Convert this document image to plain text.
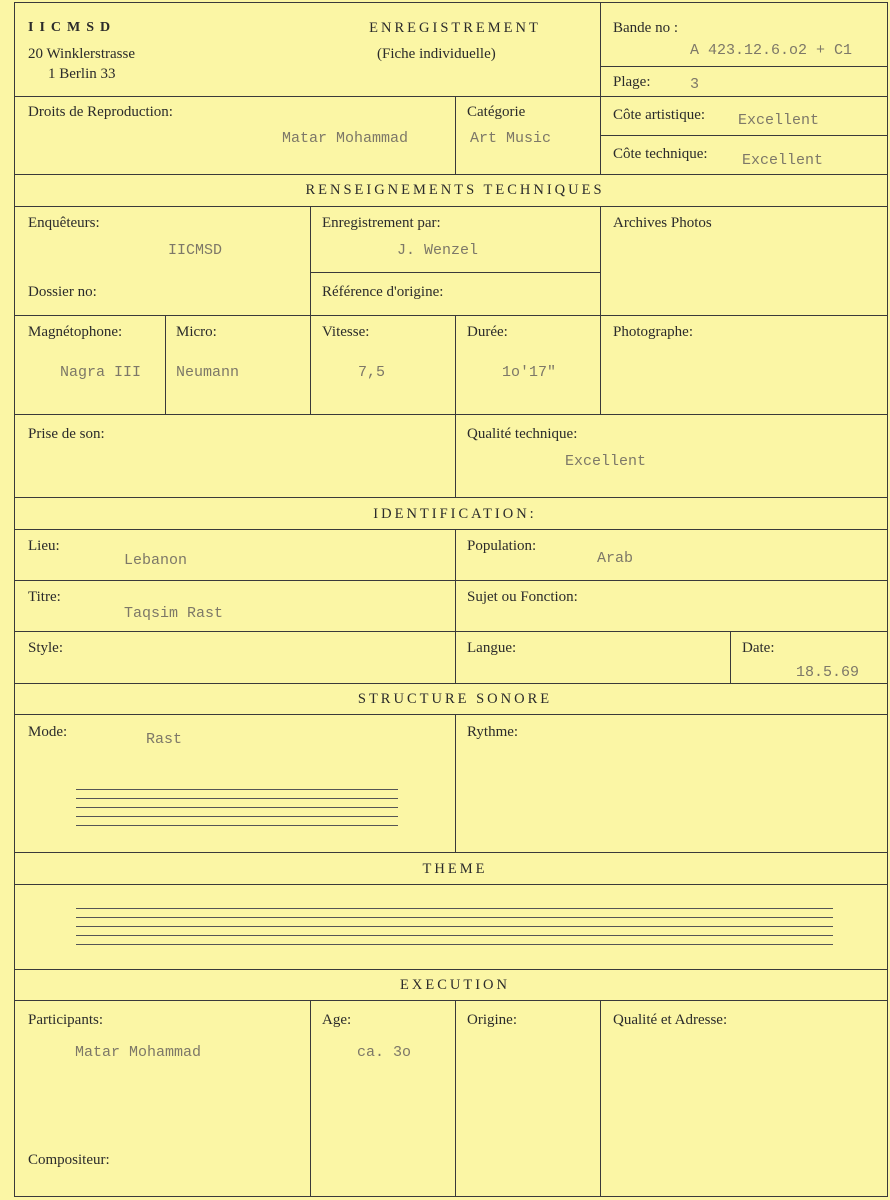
IICMSD
20 Winklerstrasse
1 Berlin 33
ENREGISTREMENT
(Fiche individuelle)
Bande no :
A 423.12.6.o2 + C1
Plage:	3
Droits de Reproduction:
Matar Mohammad
Catégorie
Art Music
Côte artistique: Excellent
Côte technique: Excellent
RENSEIGNEMENTS TECHNIQUES
Enquêteurs:
IICMSD
Enregistrement par:
J. Wenzel
Archives Photos
Dossier no:	Référence d'origine:
Magnétophone:
Nagra III
Micro:
Neumann
Vitesse:
7,5
Durée:
1o'17"
Photographe:
Prise de son:	Qualité technique:
Excellent
IDENTIFICATION:
Lieu:
Lebanon
Population:
Arab
Titre:
Taqsim Rast
Sujet ou Fonction:
Style:	Langue:	Date:
18.5.69
STRUCTURE SONORE
Mode:	Rast	Rythme:
THEME
EXECUTION
Participants:
Matar Mohammad
Age:
ca. 3o
Origine:	Qualité et Adresse:
Compositeur:
